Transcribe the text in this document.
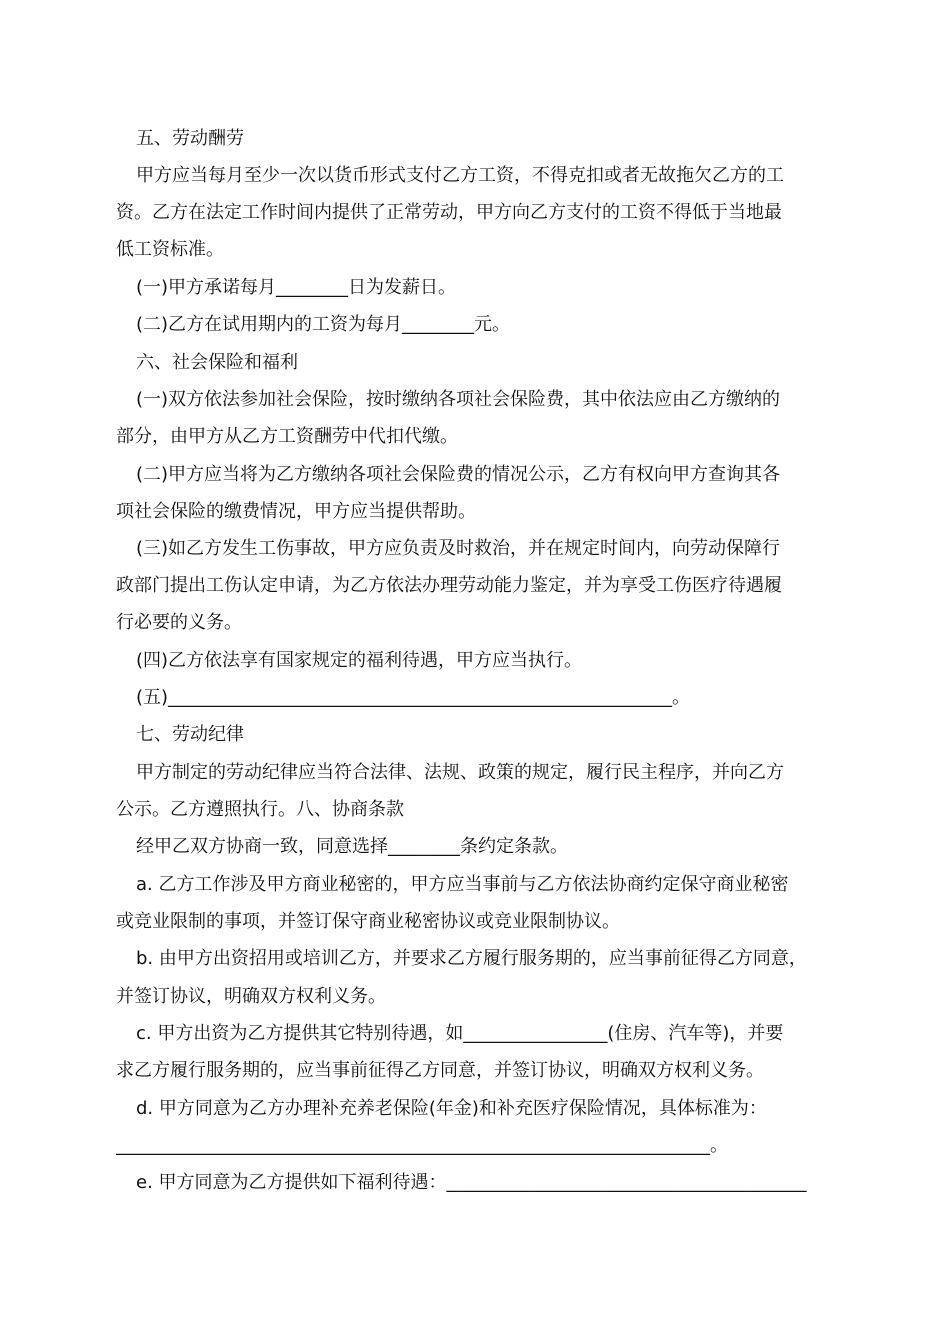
五、劳动酬劳
甲方应当每月至少一次以货币形式支付乙方工资，不得克扣或者无故拖欠乙方的工
资。乙方在法定工作时间内提供了正常劳动，甲方向乙方支付的工资不得低于当地最
低工资标准。
(一)甲方承诺每月________日为发薪日。
(二)乙方在试用期内的工资为每月________元。
六、社会保险和福利
(一)双方依法参加社会保险，按时缴纳各项社会保险费，其中依法应由乙方缴纳的
部分，由甲方从乙方工资酬劳中代扣代缴。
(二)甲方应当将为乙方缴纳各项社会保险费的情况公示，乙方有权向甲方查询其各
项社会保险的缴费情况，甲方应当提供帮助。
(三)如乙方发生工伤事故，甲方应负责及时救治，并在规定时间内，向劳动保障行
政部门提出工伤认定申请，为乙方依法办理劳动能力鉴定，并为享受工伤医疗待遇履
行必要的义务。
(四)乙方依法享有国家规定的福利待遇，甲方应当执行。
(五)________________________________________________________。
七、劳动纪律
甲方制定的劳动纪律应当符合法律、法规、政策的规定，履行民主程序，并向乙方
公示。乙方遵照执行。八、协商条款
经甲乙双方协商一致，同意选择________条约定条款。
a. 乙方工作涉及甲方商业秘密的，甲方应当事前与乙方依法协商约定保守商业秘密
或竞业限制的事项，并签订保守商业秘密协议或竞业限制协议。
b. 由甲方出资招用或培训乙方，并要求乙方履行服务期的，应当事前征得乙方同意，
并签订协议，明确双方权利义务。
c. 甲方出资为乙方提供其它特别待遇，如________________(住房、汽车等)，并要
求乙方履行服务期的，应当事前征得乙方同意，并签订协议，明确双方权利义务。
d. 甲方同意为乙方办理补充养老保险(年金)和补充医疗保险情况，具体标准为：
__________________________________________________________________。
e. 甲方同意为乙方提供如下福利待遇：________________________________________
